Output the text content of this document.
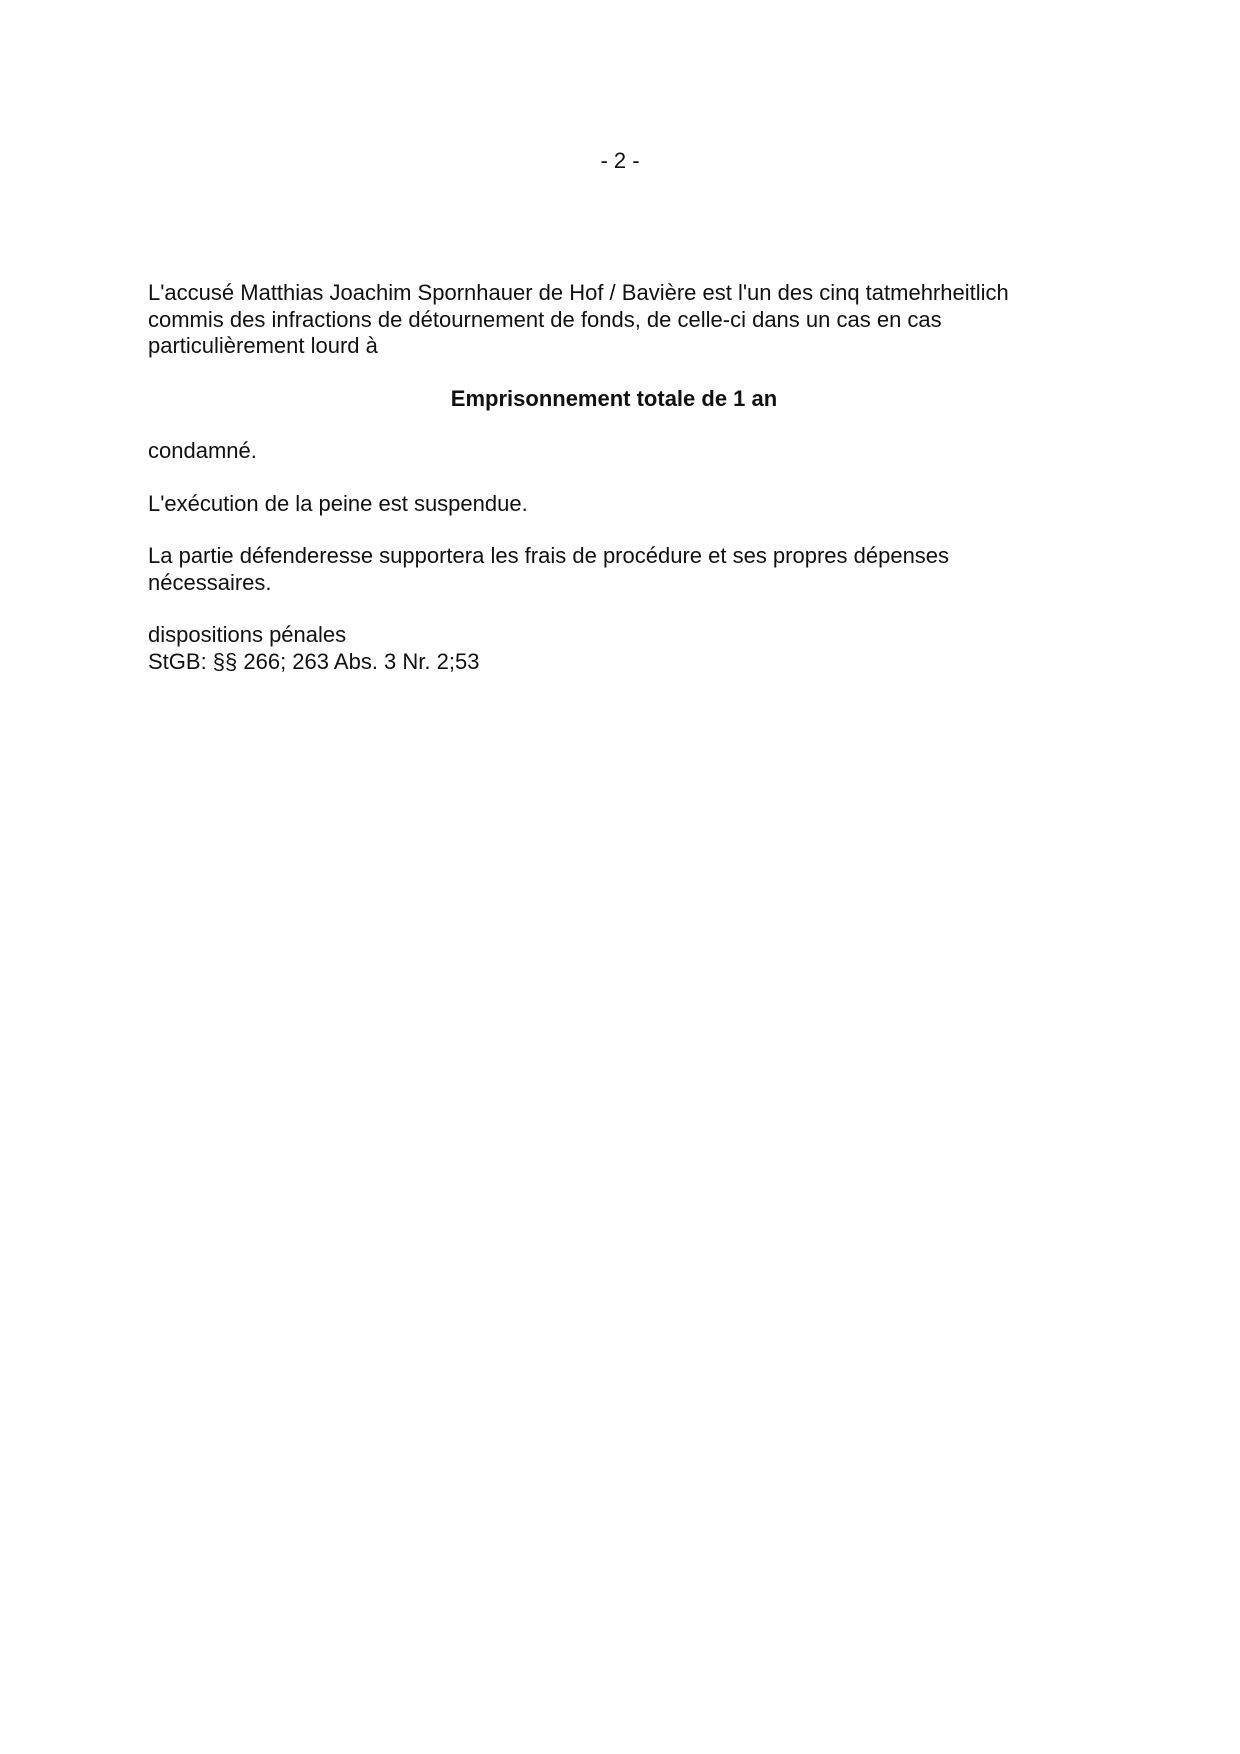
- 2 -

L'accusé Matthias Joachim Spornhauer de Hof / Bavière est l'un des cinq tatmehrheitlich
commis des infractions de détournement de fonds, de celle-ci dans un cas en cas
particulièrement lourd à

Emprisonnement totale de 1 an

condamné.

L'exécution de la peine est suspendue.

La partie défenderesse supportera les frais de procédure et ses propres dépenses
nécessaires.

dispositions pénales
StGB: §§ 266; 263 Abs. 3 Nr. 2;53
